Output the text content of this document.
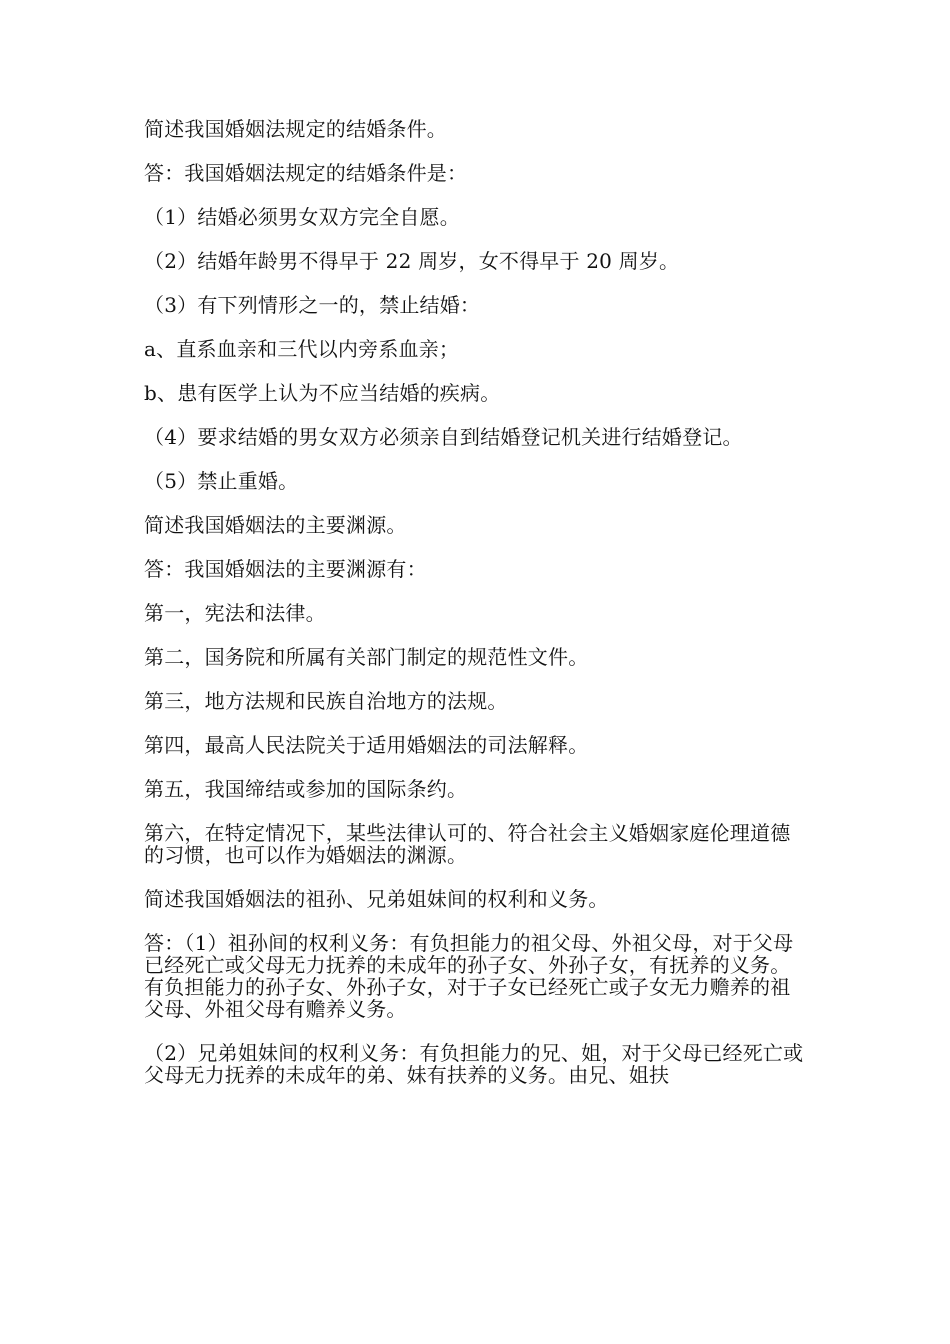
简述我国婚姻法规定的结婚条件。

答：我国婚姻法规定的结婚条件是：

（1）结婚必须男女双方完全自愿。

（2）结婚年龄男不得早于 22 周岁，女不得早于 20 周岁。

（3）有下列情形之一的，禁止结婚：

a、直系血亲和三代以内旁系血亲；

b、患有医学上认为不应当结婚的疾病。

（4）要求结婚的男女双方必须亲自到结婚登记机关进行结婚登记。

（5）禁止重婚。

简述我国婚姻法的主要渊源。

答：我国婚姻法的主要渊源有：

第一，宪法和法律。

第二，国务院和所属有关部门制定的规范性文件。

第三，地方法规和民族自治地方的法规。

第四，最高人民法院关于适用婚姻法的司法解释。

第五，我国缔结或参加的国际条约。

第六，在特定情况下，某些法律认可的、符合社会主义婚姻家庭伦理道德的习惯，也可以作为婚姻法的渊源。

简述我国婚姻法的祖孙、兄弟姐妹间的权利和义务。

答：（1）祖孙间的权利义务：有负担能力的祖父母、外祖父母，对于父母已经死亡或父母无力抚养的未成年的孙子女、外孙子女，有抚养的义务。有负担能力的孙子女、外孙子女，对于子女已经死亡或子女无力赡养的祖父母、外祖父母有赡养义务。

（2）兄弟姐妹间的权利义务：有负担能力的兄、姐，对于父母已经死亡或父母无力抚养的未成年的弟、妹有扶养的义务。由兄、姐扶
